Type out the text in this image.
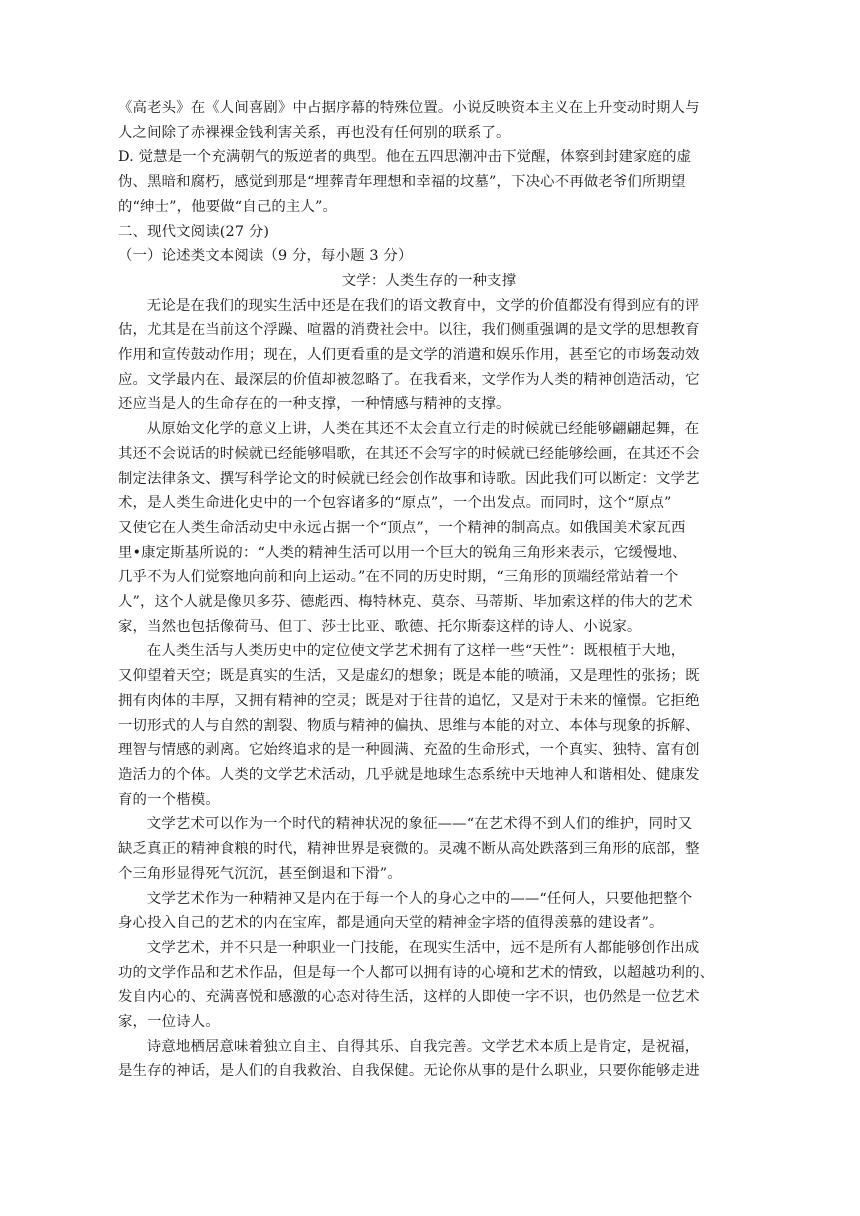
《高老头》在《人间喜剧》中占据序幕的特殊位置。小说反映资本主义在上升变动时期人与
人之间除了赤裸裸金钱利害关系，再也没有任何别的联系了。
D. 觉慧是一个充满朝气的叛逆者的典型。他在五四思潮冲击下觉醒，体察到封建家庭的虚
伪、黑暗和腐朽，感觉到那是“埋葬青年理想和幸福的坟墓”，下决心不再做老爷们所期望
的“绅士”，他要做“自己的主人”。
二、现代文阅读(27 分)
（一）论述类文本阅读（9 分，每小题 3 分）
文学：人类生存的一种支撑
无论是在我们的现实生活中还是在我们的语文教育中，文学的价值都没有得到应有的评
估，尤其是在当前这个浮躁、喧嚣的消费社会中。以往，我们侧重强调的是文学的思想教育
作用和宣传鼓动作用；现在，人们更看重的是文学的消遣和娱乐作用，甚至它的市场轰动效
应。文学最内在、最深层的价值却被忽略了。在我看来，文学作为人类的精神创造活动，它
还应当是人的生命存在的一种支撑，一种情感与精神的支撑。
从原始文化学的意义上讲，人类在其还不太会直立行走的时候就已经能够翩翩起舞，在
其还不会说话的时候就已经能够唱歌，在其还不会写字的时候就已经能够绘画，在其还不会
制定法律条文、撰写科学论文的时候就已经会创作故事和诗歌。因此我们可以断定：文学艺
术，是人类生命进化史中的一个包容诸多的“原点”，一个出发点。而同时，这个“原点”
又使它在人类生命活动史中永远占据一个“顶点”，一个精神的制高点。如俄国美术家瓦西
里•康定斯基所说的：“人类的精神生活可以用一个巨大的锐角三角形来表示，它缓慢地、
几乎不为人们觉察地向前和向上运动。”在不同的历史时期，“三角形的顶端经常站着一个
人”，这个人就是像贝多芬、德彪西、梅特林克、莫奈、马蒂斯、毕加索这样的伟大的艺术
家，当然也包括像荷马、但丁、莎士比亚、歌德、托尔斯泰这样的诗人、小说家。
在人类生活与人类历史中的定位使文学艺术拥有了这样一些“天性”：既根植于大地，
又仰望着天空；既是真实的生活，又是虚幻的想象；既是本能的喷涌，又是理性的张扬；既
拥有肉体的丰厚，又拥有精神的空灵；既是对于往昔的追忆，又是对于未来的憧憬。它拒绝
一切形式的人与自然的割裂、物质与精神的偏执、思维与本能的对立、本体与现象的拆解、
理智与情感的剥离。它始终追求的是一种圆满、充盈的生命形式，一个真实、独特、富有创
造活力的个体。人类的文学艺术活动，几乎就是地球生态系统中天地神人和谐相处、健康发
育的一个楷模。
文学艺术可以作为一个时代的精神状况的象征——“在艺术得不到人们的维护，同时又
缺乏真正的精神食粮的时代，精神世界是衰微的。灵魂不断从高处跌落到三角形的底部，整
个三角形显得死气沉沉，甚至倒退和下滑”。
文学艺术作为一种精神又是内在于每一个人的身心之中的——“任何人，只要他把整个
身心投入自己的艺术的内在宝库，都是通向天堂的精神金字塔的值得羡慕的建设者”。
文学艺术，并不只是一种职业一门技能，在现实生活中，远不是所有人都能够创作出成
功的文学作品和艺术作品，但是每一个人都可以拥有诗的心境和艺术的情致，以超越功利的、
发自内心的、充满喜悦和感激的心态对待生活，这样的人即使一字不识，也仍然是一位艺术
家，一位诗人。
诗意地栖居意味着独立自主、自得其乐、自我完善。文学艺术本质上是肯定，是祝福，
是生存的神话，是人们的自我救治、自我保健。无论你从事的是什么职业，只要你能够走进
